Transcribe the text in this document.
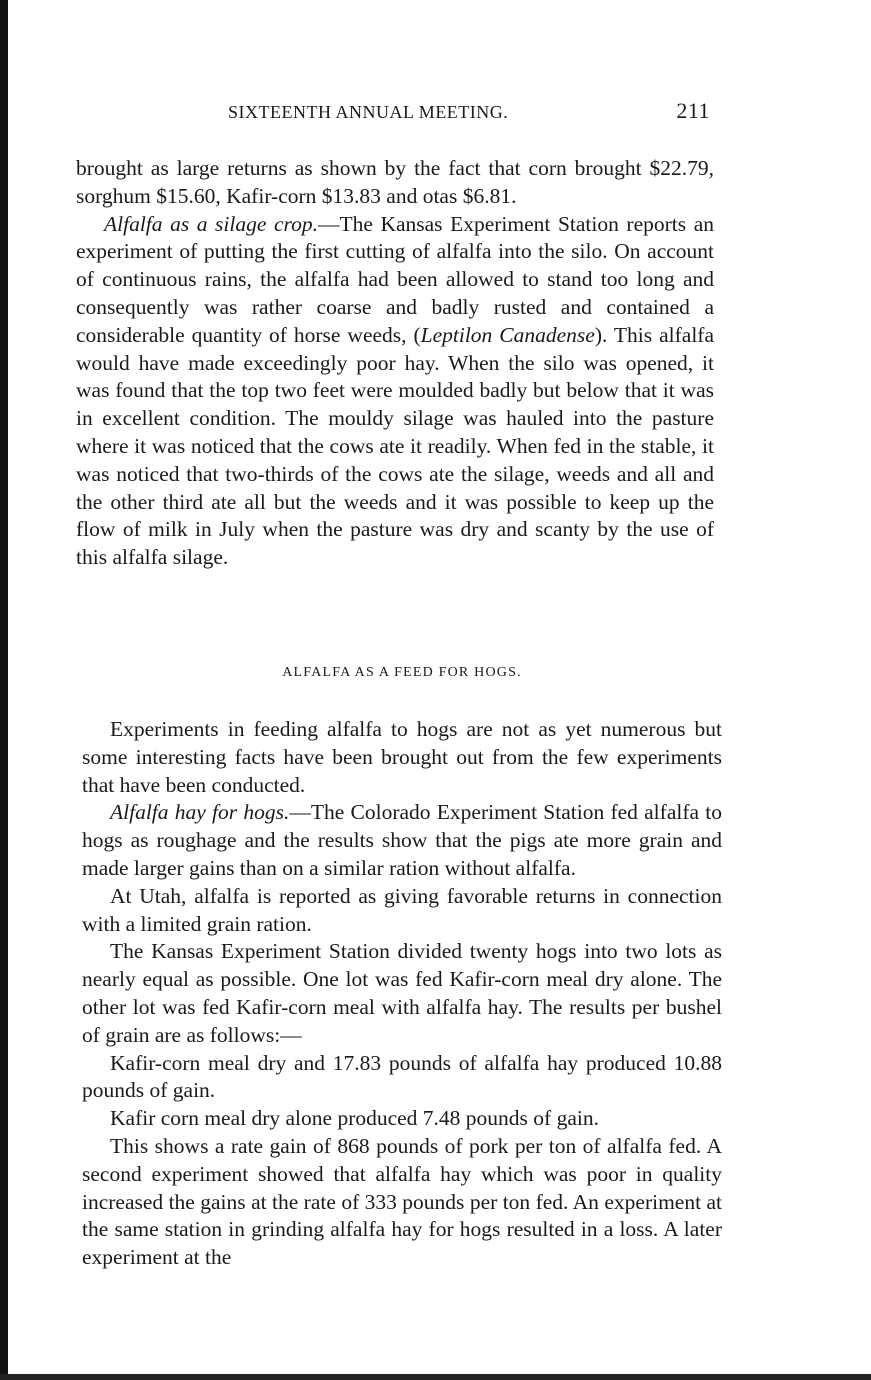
SIXTEENTH ANNUAL MEETING.	211

brought as large returns as shown by the fact that corn brought $22.79, sorghum $15.60, Kafir-corn $13.83 and otas $6.81.

Alfalfa as a silage crop.—The Kansas Experiment Station reports an experiment of putting the first cutting of alfalfa into the silo. On account of continuous rains, the alfalfa had been allowed to stand too long and consequently was rather coarse and badly rusted and contained a considerable quantity of horse weeds, (Leptilon Canadense). This alfalfa would have made exceedingly poor hay. When the silo was opened, it was found that the top two feet were moulded badly but below that it was in excellent condition. The mouldy silage was hauled into the pasture where it was noticed that the cows ate it readily. When fed in the stable, it was noticed that two-thirds of the cows ate the silage, weeds and all and the other third ate all but the weeds and it was possible to keep up the flow of milk in July when the pasture was dry and scanty by the use of this alfalfa silage.

ALFALFA AS A FEED FOR HOGS.

Experiments in feeding alfalfa to hogs are not as yet numerous but some interesting facts have been brought out from the few experiments that have been conducted.

Alfalfa hay for hogs.—The Colorado Experiment Station fed alfalfa to hogs as roughage and the results show that the pigs ate more grain and made larger gains than on a similar ration without alfalfa.

At Utah, alfalfa is reported as giving favorable returns in connection with a limited grain ration.

The Kansas Experiment Station divided twenty hogs into two lots as nearly equal as possible. One lot was fed Kafir-corn meal dry alone. The other lot was fed Kafir-corn meal with alfalfa hay. The results per bushel of grain are as follows:—

Kafir-corn meal dry and 17.83 pounds of alfalfa hay produced 10.88 pounds of gain.

Kafir corn meal dry alone produced 7.48 pounds of gain.

This shows a rate gain of 868 pounds of pork per ton of alfalfa fed. A second experiment showed that alfalfa hay which was poor in quality increased the gains at the rate of 333 pounds per ton fed. An experiment at the same station in grinding alfalfa hay for hogs resulted in a loss. A later experiment at the
